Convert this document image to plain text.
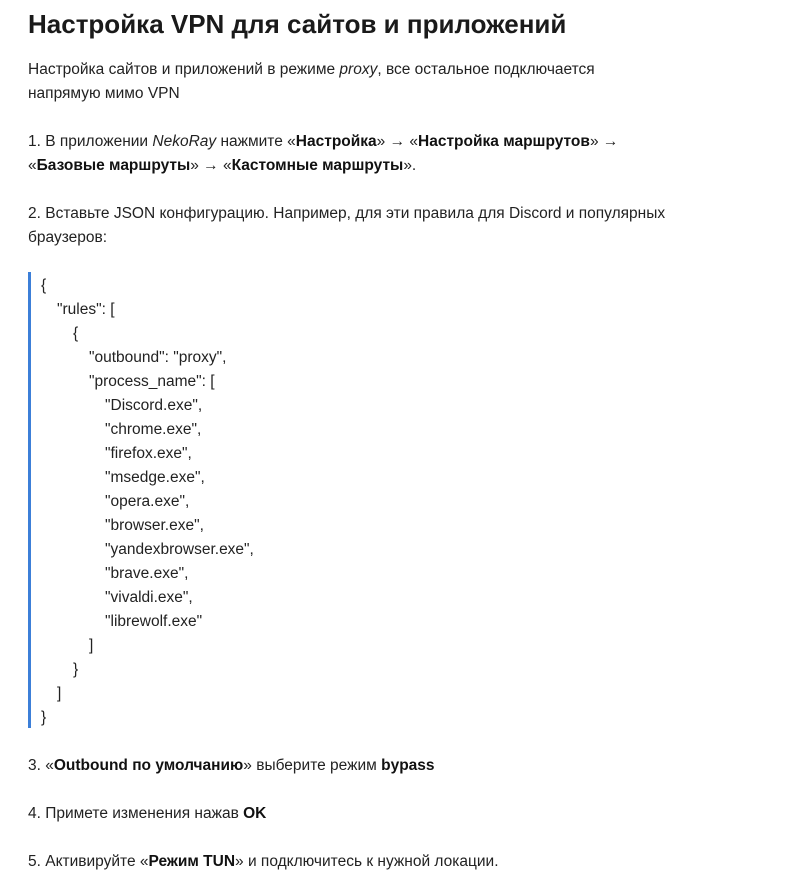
Настройка VPN для сайтов и приложений

Настройка сайтов и приложений в режиме proxy, все остальное подключается
напрямую мимо VPN

1. В приложении NekoRay нажмите «Настройка» → «Настройка маршрутов» →
«Базовые маршруты» → «Кастомные маршруты».

2. Вставьте JSON конфигурацию. Например, для эти правила для Discord и популярных
браузеров:

{
"rules": [
{
"outbound": "proxy",
"process_name": [
"Discord.exe",
"chrome.exe",
"firefox.exe",
"msedge.exe",
"opera.exe",
"browser.exe",
"yandexbrowser.exe",
"brave.exe",
"vivaldi.exe",
"librewolf.exe"
]
}
]
}

3. «Outbound по умолчанию» выберите режим bypass

4. Примете изменения нажав OK

5. Активируйте «Режим TUN» и подключитесь к нужной локации.
